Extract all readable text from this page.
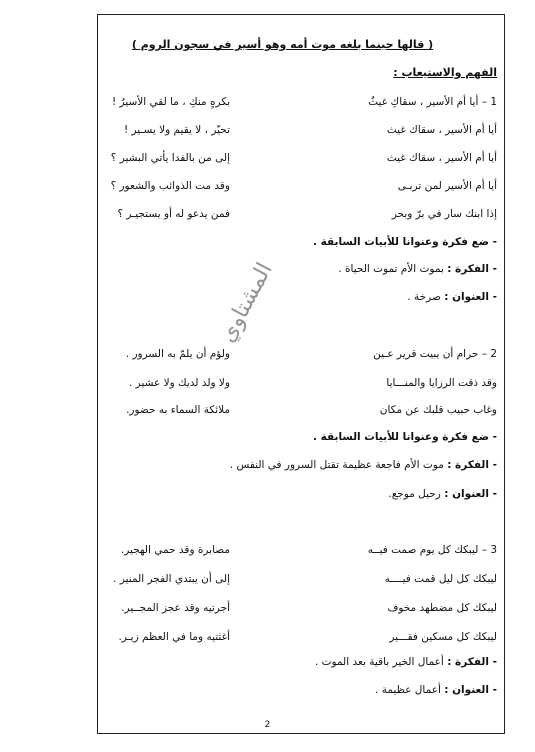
( قالها حينما بلغه موت أمه وهو أسير في سجون الروم )
الفهم والاستيعاب :
1 – أيا أم الأسير ، سقاكِ غيثٌ
بكرهٍ منكِ ، ما لقي الأسيرُ !
أيا أم الأسير ، سقاك غيث
تحيّر ، لا يقيم ولا يسـير !
أيا أم الأسير ، سقاك غيث
إلى من بالفدا يأتي البشير ؟
أيا أم الأسير لمن تربـى
وقد مت الذوائب والشعور ؟
إذا ابنك سار في برّ وبحر
فمن يدعو له أو يستجيـر ؟
- ضع فكرة وعنوانا للأبيات السابقة .
- الفكرة : بموت الأم تموت الحياة .
- العنوان : صرخة .
2 – حرام أن يبيت قرير عـين
ولؤم أن يلمّ به السرور .
وقد ذقت الرزايا والمنـــايا
ولا ولد لديك ولا عشير .
وغاب حبيب قلبك عن مكان
ملائكة السماء به حضور.
- ضع فكرة وعنوانا للأبيات السابقة .
- الفكرة : موت الأم فاجعة عظيمة تقتل السرور في النفس .
- العنوان : رحيل موجع.
3 – ليبكك كل يوم صمت فيــه
مصابرة وقد حمي الهجير.
ليبكك كل ليل قمت فيــــه
إلى أن يبتدي الفجر المنير .
ليبكك كل مضطهد مخوف
أجرتيه وقد عجز المجــير.
ليبكك كل مسكين فقـــير
أغثتيه وما في العظم زيـر.
- الفكرة : أعمال الخير باقية بعد الموت .
- العنوان : أعمال عظيمة .
المشتاوي
2
